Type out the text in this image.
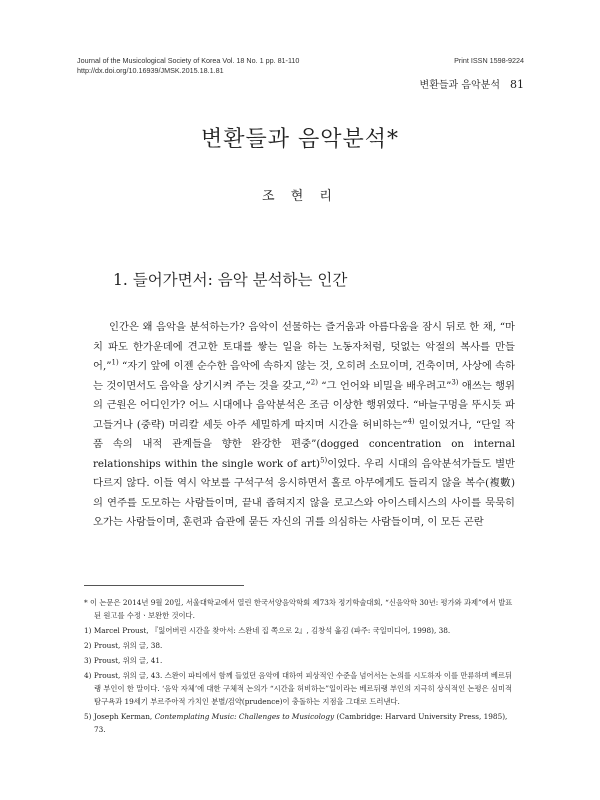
Journal of the Musicological Society of Korea Vol. 18 No. 1 pp. 81-110
http://dx.doi.org/10.16939/JMSK.2015.18.1.81
Print ISSN 1598-9224
변환들과 음악분석 81
변환들과 음악분석*
조 현 리
1. 들어가면서: 음악 분석하는 인간

인간은 왜 음악을 분석하는가? 음악이 선물하는 즐거움과 아름다움을 잠시 뒤로 한 채, “마치 파도 한가운데에 견고한 토대를 쌓는 일을 하는 노동자처럼, 덧없는 악절의 복사를 만들어,”$^{1)}$ “자기 앞에 이젠 순수한 음악에 속하지 않는 것, 오히려 소묘이며, 건축이며, 사상에 속하는 것이면서도 음악을 상기시켜 주는 것을 갖고,”$^{2)}$ “그 언어와 비밀을 배우려고”$^{3)}$ 애쓰는 행위의 근원은 어디인가? 어느 시대에나 음악분석은 조금 이상한 행위였다. “바늘구멍을 뚜시듯 파고들거나 (중략) 머리칼 세듯 아주 세밀하게 따지며 시간을 허비하는”$^{4)}$ 일이었거나, “단일 작품 속의 내적 관계들을 향한 완강한 편중”(dogged concentration on internal relationships within the single work of art)$^{5)}$이었다. 우리 시대의 음악분석가들도 별반 다르지 않다. 이들 역시 악보를 구석구석 응시하면서 홀로 아무에게도 들리지 않을 복수(複數)의 연주를 도모하는 사람들이며, 끝내 좁혀지지 않을 로고스와 아이스테시스의 사이를 묵묵히 오가는 사람들이며, 훈련과 습관에 묻든 자신의 귀를 의심하는 사람들이며, 이 모든 곤란

* 이 논문은 2014년 9월 20일, 서울대학교에서 열린 한국서양음악학회 제73차 정기학술대회, “신음악학 30년: 평가와 과제”에서 발표된 원고를 수정ㆍ보완한 것이다.
1) Marcel Proust, 『잃어버린 시간을 찾아서: 스완네 집 쪽으로 2』, 김창석 옮김 (파주: 국일미디어, 1998), 38.
2) Proust, 위의 글, 38.
3) Proust, 위의 글, 41.
4) Proust, 위의 글, 43. 스완이 파티에서 함께 들었던 음악에 대하여 피상적인 수준을 넘어서는 논의를 시도하자 이를 만류하며 베르뒤랭 부인이 한 말이다. ‘음악 자체’에 대한 구체적 논의가 “시간을 허비하는”일이라는 베르뒤랭 부인의 지극히 상식적인 논평은 심미적 탐구욕과 19세기 부르주아적 가치인 분별/검약(prudence)이 충돌하는 지점을 그대로 드러낸다.
5) Joseph Kerman, Contemplating Music: Challenges to Musicology (Cambridge: Harvard University Press, 1985), 73.
